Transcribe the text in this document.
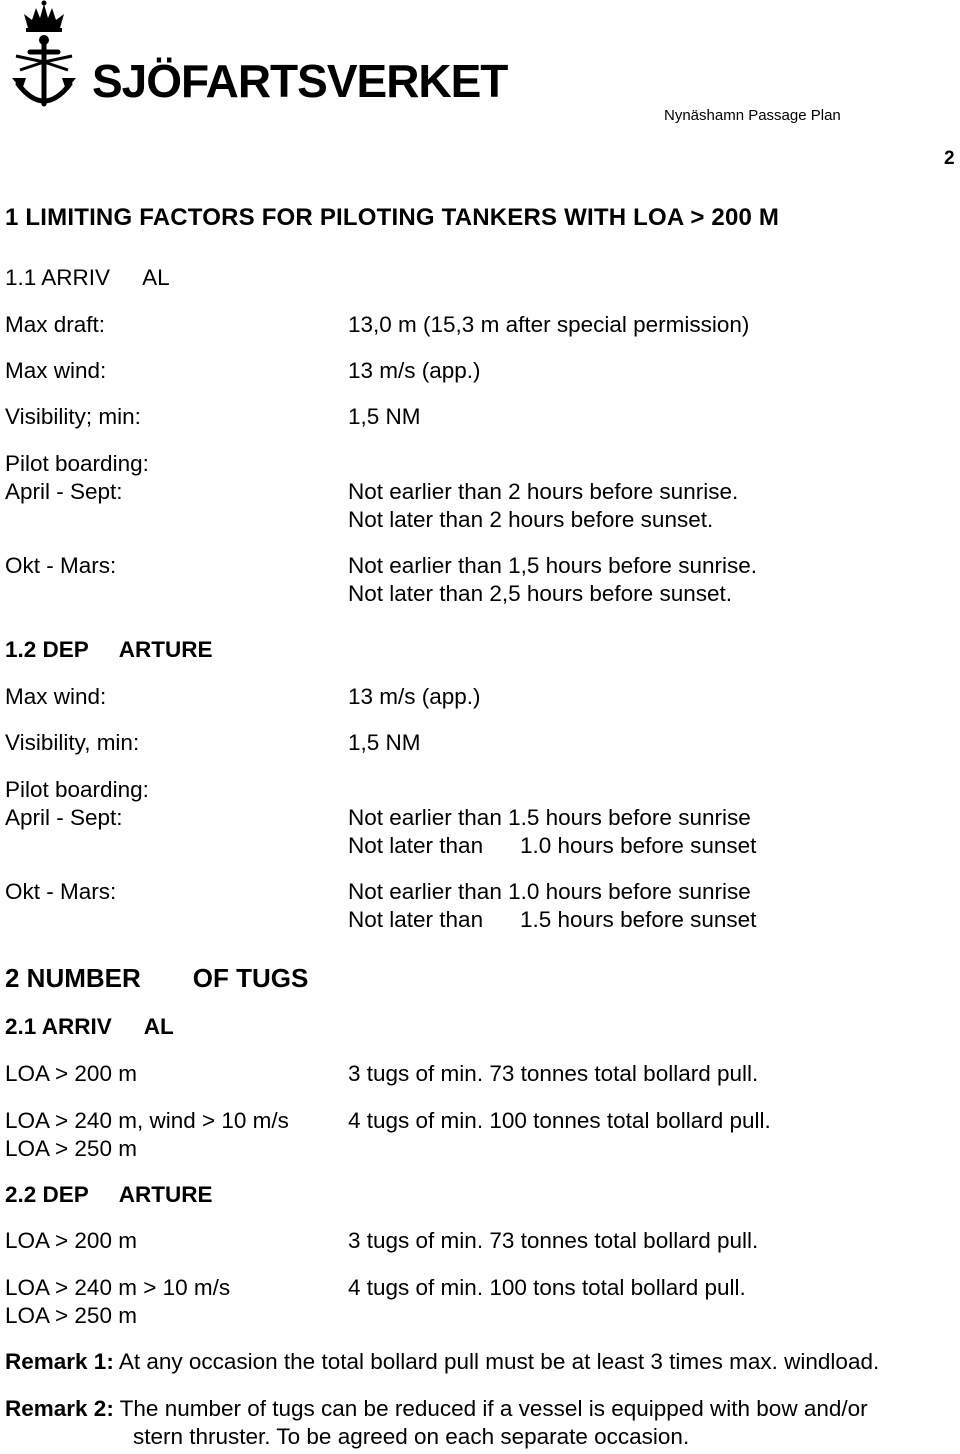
SJÖFARTSVERKET
Nynäshamn Passage Plan
2
1 LIMITING FACTORS FOR PILOTING TANKERS WITH LOA > 200 M
1.1 ARRIV AL
Max draft:	13,0 m (15,3 m after special permission)
Max wind:	13 m/s (app.)
Visibility; min:	1,5 NM
Pilot boarding:
April - Sept:	Not earlier than 2 hours before sunrise.
Not later than 2 hours before sunset.
Okt - Mars:	Not earlier than 1,5 hours before sunrise.
Not later than 2,5 hours before sunset.
1.2 DEP ARTURE
Max wind:	13 m/s (app.)
Visibility, min:	1,5 NM
Pilot boarding:
April - Sept:	Not earlier than 1.5 hours before sunrise
Not later than 1.0 hours before sunset
Okt - Mars:	Not earlier than 1.0 hours before sunrise
Not later than 1.5 hours before sunset
2 NUMBER OF TUGS
2.1 ARRIV AL
LOA > 200 m	3 tugs of min. 73 tonnes total bollard pull.
LOA > 240 m, wind > 10 m/s	4 tugs of min. 100 tonnes total bollard pull.
LOA > 250 m
2.2 DEP ARTURE
LOA > 200 m	3 tugs of min. 73 tonnes total bollard pull.
LOA > 240 m > 10 m/s	4 tugs of min. 100 tons total bollard pull.
LOA > 250 m
Remark 1: At any occasion the total bollard pull must be at least 3 times max. windload.
Remark 2: The number of tugs can be reduced if a vessel is equipped with bow and/or
stern thruster. To be agreed on each separate occasion.
